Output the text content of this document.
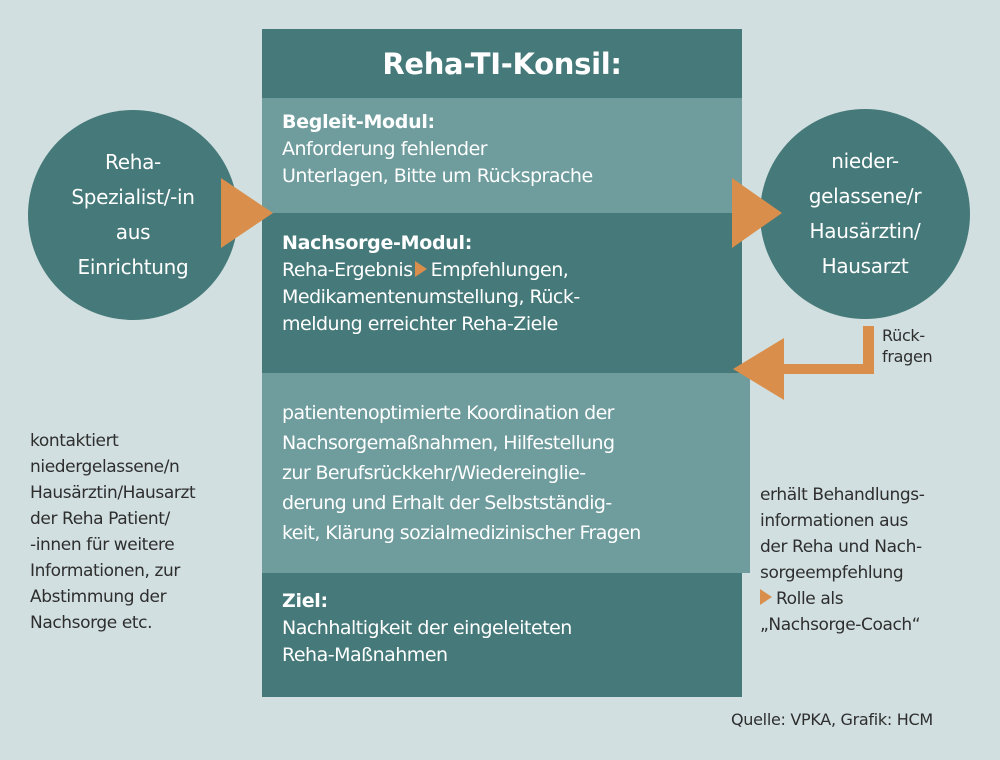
Reha-TI-Konsil:
Begleit-Modul:
Anforderung fehlender
Unterlagen, Bitte um Rücksprache
Nachsorge-Modul:
Reha-Ergebnis Empfehlungen,
Medikamentenumstellung, Rück-
meldung erreichter Reha-Ziele
patientenoptimierte Koordination der
Nachsorgemaßnahmen, Hilfestellung
zur Berufsrückkehr/Wiedereinglie-
derung und Erhalt der Selbstständig-
keit, Klärung sozialmedizinischer Fragen
Ziel:
Nachhaltigkeit der eingeleiteten
Reha-Maßnahmen
Reha-
Spezialist/-in
aus
Einrichtung
nieder-
gelassene/r
Hausärztin/
Hausarzt
Rück-
fragen
kontaktiert
niedergelassene/n
Hausärztin/Hausarzt
der Reha Patient/
-innen für weitere
Informationen, zur
Abstimmung der
Nachsorge etc.
erhält Behandlungs-
informationen aus
der Reha und Nach-
sorgeempfehlung
Rolle als
„Nachsorge-Coach“
Quelle: VPKA, Grafik: HCM
